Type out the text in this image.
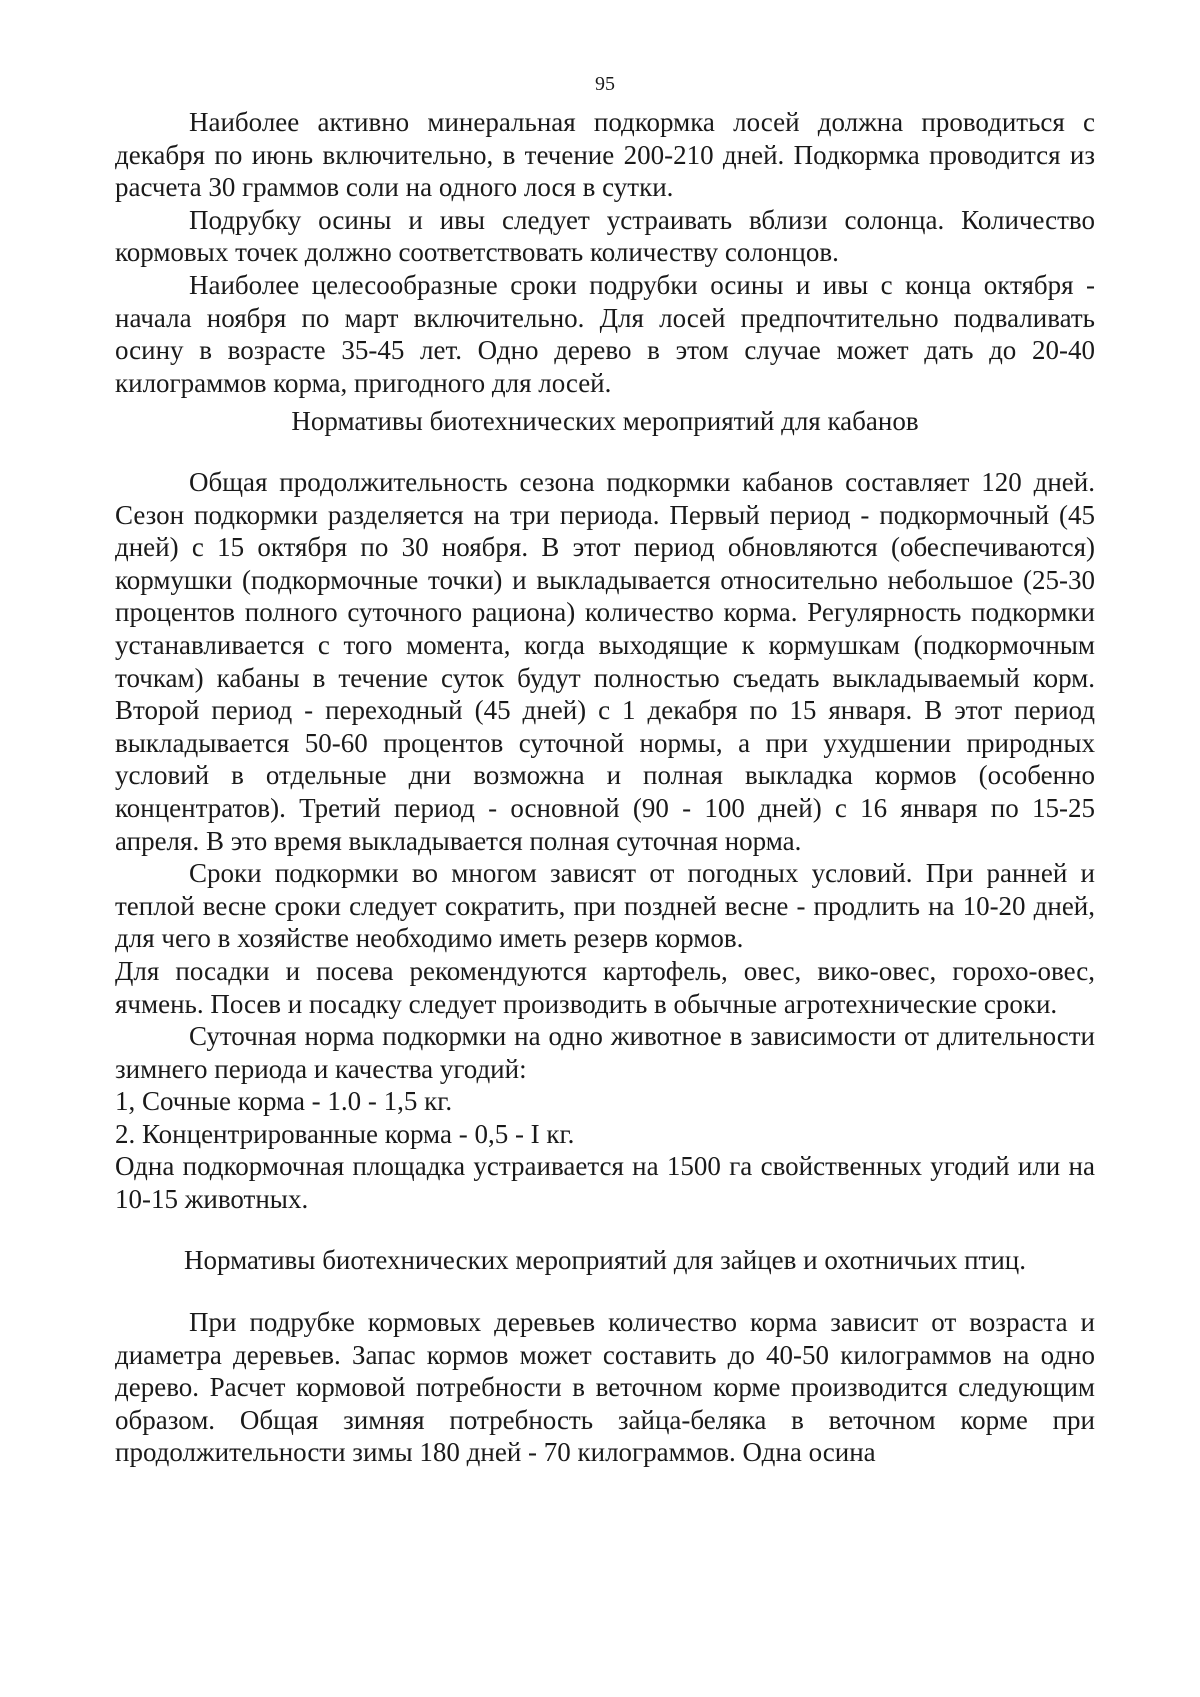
95

Наиболее активно минеральная подкормка лосей должна проводиться с декабря по июнь включительно, в течение 200-210 дней. Подкормка проводится из расчета 30 граммов соли на одного лося в сутки.

Подрубку осины и ивы следует устраивать вблизи солонца. Количество кормовых точек должно соответствовать количеству солонцов.

Наиболее целесообразные сроки подрубки осины и ивы с конца октября - начала ноября по март включительно. Для лосей предпочтительно подваливать осину в возрасте 35-45 лет. Одно дерево в этом случае может дать до 20-40 килограммов корма, пригодного для лосей.

Нормативы биотехнических мероприятий для кабанов

Общая продолжительность сезона подкормки кабанов составляет 120 дней. Сезон подкормки разделяется на три периода. Первый период - подкормочный (45 дней) с 15 октября по 30 ноября. В этот период обновляются (обеспечиваются) кормушки (подкормочные точки) и выкладывается относительно небольшое (25-30 процентов полного суточного рациона) количество корма. Регулярность подкормки устанавливается с того момента, когда выходящие к кормушкам (подкормочным точкам) кабаны в течение суток будут полностью съедать выкладываемый корм. Второй период - переходный (45 дней) с 1 декабря по 15 января. В этот период выкладывается 50-60 процентов суточной нормы, а при ухудшении природных условий в отдельные дни возможна и полная выкладка кормов (особенно концентратов). Третий период - основной (90 - 100 дней) с 16 января по 15-25 апреля. В это время выкладывается полная суточная норма.

Сроки подкормки во многом зависят от погодных условий. При ранней и теплой весне сроки следует сократить, при поздней весне - продлить на 10-20 дней, для чего в хозяйстве необходимо иметь резерв кормов.

Для посадки и посева рекомендуются картофель, овес, вико-овес, горохо-овес, ячмень. Посев и посадку следует производить в обычные агротехнические сроки.

Суточная норма подкормки на одно животное в зависимости от длительности зимнего периода и качества угодий:

1, Сочные корма - 1.0 - 1,5 кг.

2. Концентрированные корма - 0,5 - I кг.

Одна подкормочная площадка устраивается на 1500 га свойственных угодий или на 10-15 животных.

Нормативы биотехнических мероприятий для зайцев и охотничьих птиц.

При подрубке кормовых деревьев количество корма зависит от возраста и диаметра деревьев. Запас кормов может составить до 40-50 килограммов на одно дерево. Расчет кормовой потребности в веточном корме производится следующим образом. Общая зимняя потребность зайца-беляка в веточном корме при продолжительности зимы 180 дней - 70 килограммов. Одна осина
